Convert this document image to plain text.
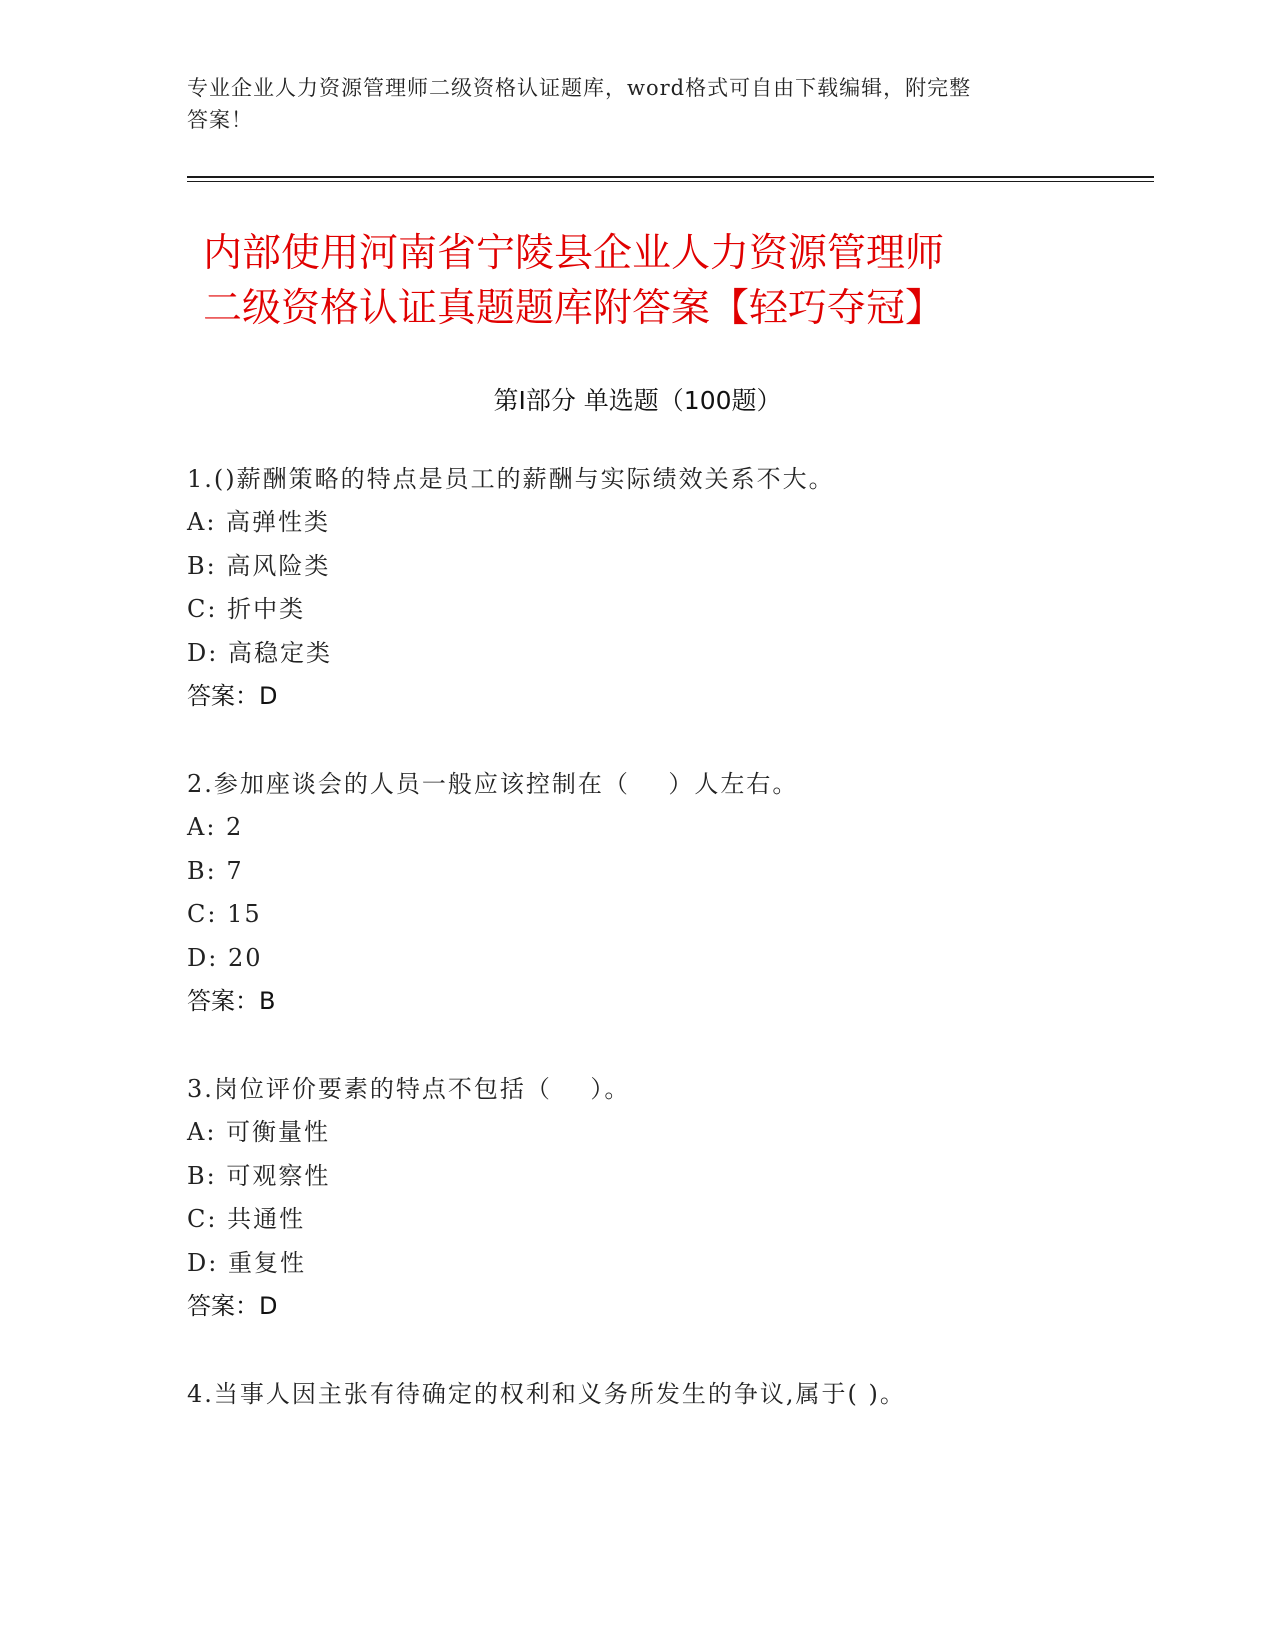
专业企业人力资源管理师二级资格认证题库，word格式可自由下载编辑，附完整
答案！
内部使用河南省宁陵县企业人力资源管理师
二级资格认证真题题库附答案【轻巧夺冠】
第Ⅰ部分 单选题（100题）
1.()薪酬策略的特点是员工的薪酬与实际绩效关系不大。
A: 高弹性类
B: 高风险类
C: 折中类
D: 高稳定类
答案：D
2.参加座谈会的人员一般应该控制在（    ）人左右。
A: 2
B: 7
C: 15
D: 20
答案：B
3.岗位评价要素的特点不包括（    ）。
A: 可衡量性
B: 可观察性
C: 共通性
D: 重复性
答案：D
4.当事人因主张有待确定的权利和义务所发生的争议,属于( )。
